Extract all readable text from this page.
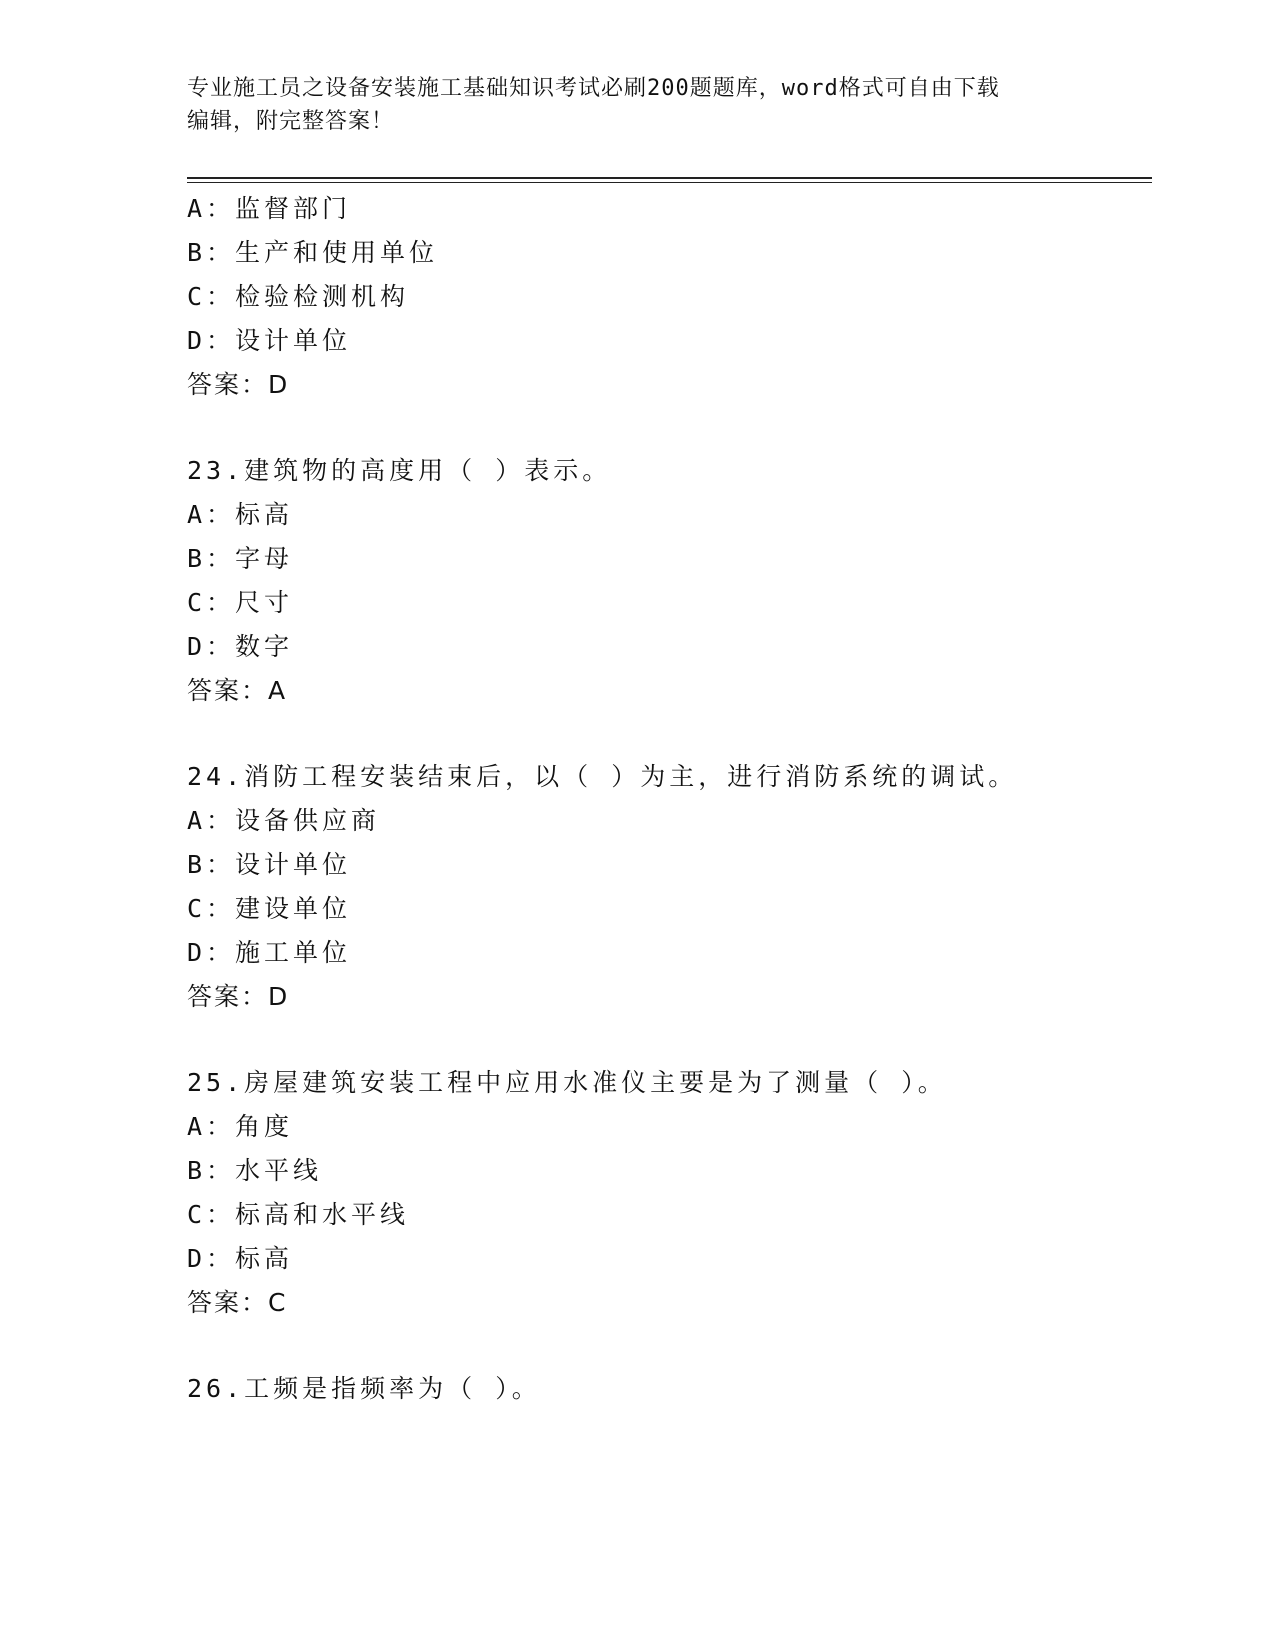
专业施工员之设备安装施工基础知识考试必刷200题题库，word格式可自由下载
编辑，附完整答案！
A：监督部门
B：生产和使用单位
C：检验检测机构
D：设计单位
答案：D
23.建筑物的高度用（ ）表示。
A：标高
B：字母
C：尺寸
D：数字
答案：A
24.消防工程安装结束后，以（ ）为主，进行消防系统的调试。
A：设备供应商
B：设计单位
C：建设单位
D：施工单位
答案：D
25.房屋建筑安装工程中应用水准仪主要是为了测量（ ）。
A：角度
B：水平线
C：标高和水平线
D：标高
答案：C
26.工频是指频率为（ ）。
